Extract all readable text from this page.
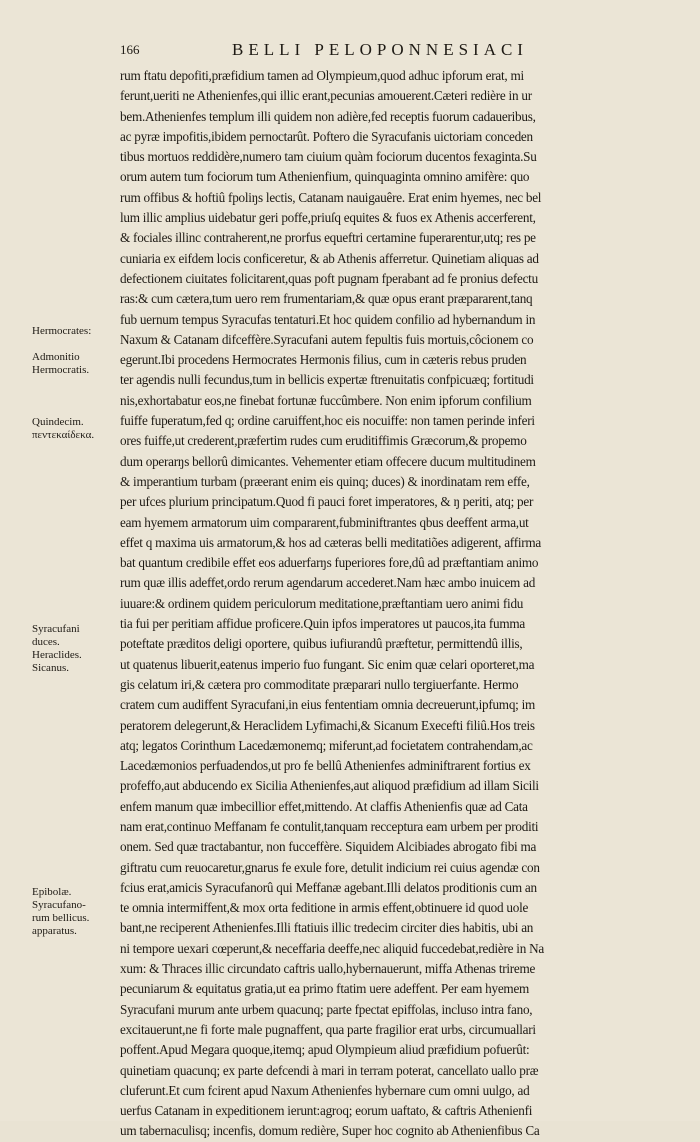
166	BELLI PELOPONNESIACI
rum ftatu depofiti,præfidium tamen ad Olympieum,quod adhuc ipforum erat, mi
ferunt,ueriti ne Athenienfes,qui illic erant,pecunias amouerent.Cæteri redière in ur
bem.Athenienfes templum illi quidem non adière,fed receptis fuorum cadaueribus,
ac pyræ impofitis,ibidem pernoctarût. Poftero die Syracufanis uictoriam conceden
tibus mortuos reddidère,numero tam ciuium quàm fociorum ducentos fexaginta.Su
orum autem tum fociorum tum Athenienfium, quinquaginta omnino amifère: quo
rum offibus & hoftiû fpoliŋs lectis, Catanam nauigauêre. Erat enim hyemes, nec bel
lum illic amplius uidebatur geri poffe,priuſq equites & fuos ex Athenis accerferent,
& fociales illinc contraherent,ne prorfus equeftri certamine fuperarentur,utq; res pe
cuniaria ex eifdem locis conficeretur, & ab Athenis afferretur. Quinetiam aliquas ad
defectionem ciuitates folicitarent,quas poft pugnam fperabant ad fe pronius defectu
ras:& cum cætera,tum uero rem frumentariam,& quæ opus erant præpararent,tanq
fub uernum tempus Syracufas tentaturi.Et hoc quidem confilio ad hybernandum in
Naxum & Catanam difceffère.Syracufani autem fepultis fuis mortuis,côcionem co
egerunt.Ibi procedens Hermocrates Hermonis filius, cum in cæteris rebus pruden
ter agendis nulli fecundus,tum in bellicis expertæ ftrenuitatis confpicuæq; fortitudi
nis,exhortabatur eos,ne finebat fortunæ fuccûmbere. Non enim ipforum confilium
fuiffe fuperatum,fed q; ordine caruiffent,hoc eis nocuiffe: non tamen perinde inferi
ores fuiffe,ut crederent,præfertim rudes cum eruditiffimis Græcorum,& propemo
dum operarŋs bellorû dimicantes. Vehementer etiam offecere ducum multitudinem
& imperantium turbam (præerant enim eis quinq; duces) & inordinatam rem effe,
per ufces plurium principatum.Quod fi pauci foret imperatores, & ŋ periti, atq; per
eam hyemem armatorum uim compararent,fubminiftrantes qbus deeffent arma,ut
effet q maxima uis armatorum,& hos ad cæteras belli meditatiões adigerent, affirma
bat quantum credibile effet eos aduerfarŋs fuperiores fore,dû ad præftantiam animo
rum quæ illis adeffet,ordo rerum agendarum accederet.Nam hæc ambo inuicem ad
iuuare:& ordinem quidem periculorum meditatione,præftantiam uero animi fidu
tia fui per peritiam affidue proficere.Quin ipfos imperatores ut paucos,ita fumma
poteftate præditos deligi oportere, quibus iufiurandû præftetur, permittendû illis,
ut quatenus libuerit,eatenus imperio fuo fungant. Sic enim quæ celari oporteret,ma
gis celatum iri,& cætera pro commoditate præparari nullo tergiuerfante. Hermo
cratem cum audiffent Syracufani,in eius fententiam omnia decreuerunt,ipfumq; im
peratorem delegerunt,& Heraclidem Lyfimachi,& Sicanum Execefti filiû.Hos treis
atq; legatos Corinthum Lacedæmonemq; miferunt,ad focietatem contrahendam,ac
Lacedæmonios perfuadendos,ut pro fe bellû Athenienfes adminiftrarent fortius ex
profeffo,aut abducendo ex Sicilia Athenienfes,aut aliquod præfidium ad illam Sicili
enfem manum quæ imbecillior effet,mittendo. At claffis Athenienfis quæ ad Cata
nam erat,continuo Meffanam fe contulit,tanquam recceptura eam urbem per proditi
onem. Sed quæ tractabantur, non fucceffère. Siquidem Alcibiades abrogato fibi ma
giftratu cum reuocaretur,gnarus fe exule fore, detulit indicium rei cuius agendæ con
fcius erat,amicis Syracufanorû qui Meffanæ agebant.Illi delatos proditionis cum an
te omnia intermiffent,& mox orta feditione in armis effent,obtinuere id quod uole
bant,ne reciperent Athenienfes.Illi ftatiuis illic tredecim circiter dies habitis, ubi an
ni tempore uexari cœperunt,& neceffaria deeffe,nec aliquid fuccedebat,redière in Na
xum: & Thraces illic circundato caftris uallo,hybernauerunt, miffa Athenas trireme
pecuniarum & equitatus gratia,ut ea primo ftatim uere adeffent. Per eam hyemem
Syracufani murum ante urbem quacunq; parte fpectat epiffolas, incluso intra fano,
excitauerunt,ne fi forte male pugnaffent, qua parte fragilior erat urbs, circumuallari
poffent.Apud Megara quoque,itemq; apud Olympieum aliud præfidium pofuerût:
quinetiam quacunq; ex parte defcendi à mari in terram poterat, cancellato uallo præ
cluferunt.Et cum fcirent apud Naxum Athenienfes hybernare cum omni uulgo, ad
uerfus Catanam in expeditionem ierunt:agroq; eorum uaftato, & caftris Athenienfi
um tabernaculisq; incenfis, domum redière, Super hoc cognito ab Athenienfibus Ca
Hermocrates:
Admonitio
Hermocratis.
Quindecim.
πεντεκαίδεκα.
Syracufani
duces.
Heraclides.
Sicanus.
Epibolæ.
Syracufano-
rum bellicus.
apparatus.
